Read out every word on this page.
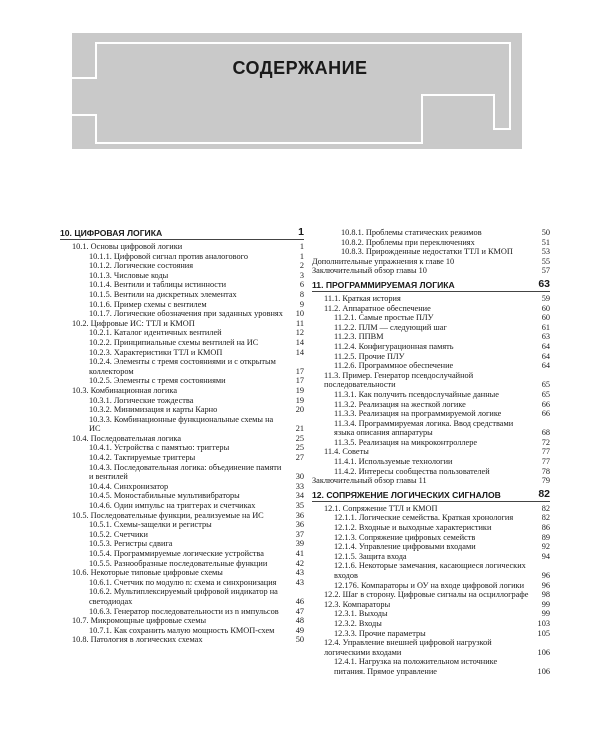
СОДЕРЖАНИЕ
10. ЦИФРОВАЯ ЛОГИКА	1
10.1. Основы цифровой логики	1
10.1.1. Цифровой сигнал против аналогового	1
10.1.2. Логические состояния	2
10.1.3. Числовые коды	3
10.1.4. Вентили и таблицы истинности	6
10.1.5. Вентили на дискретных элементах	8
10.1.6. Пример схемы с вентилем	9
10.1.7. Логические обозначения при заданных уровнях	10
10.2. Цифровые ИС: ТТЛ и КМОП	11
10.2.1. Каталог идентичных вентилей	12
10.2.2. Принципиальные схемы вентилей на ИС	14
10.2.3. Характеристики ТТЛ и КМОП	14
10.2.4. Элементы с тремя состояниями и с открытым коллектором	17
10.2.5. Элементы с тремя состояниями	17
10.3. Комбинационная логика	19
10.3.1. Логические тождества	19
10.3.2. Минимизация и карты Карно	20
10.3.3. Комбинационные функциональные схемы на ИС	21
10.4. Последовательная логика	25
10.4.1. Устройства с памятью: триггеры	25
10.4.2. Тактируемые триггеры	27
10.4.3. Последовательная логика: объединение памяти и вентилей	30
10.4.4. Синхронизатор	33
10.4.5. Моностабильные мультивибраторы	34
10.4.6. Один импульс на триггерах и счетчиках	35
10.5. Последовательные функции, реализуемые на ИС	36
10.5.1. Схемы-защелки и регистры	36
10.5.2. Счетчики	37
10.5.3. Регистры сдвига	39
10.5.4. Программируемые логические устройства	41
10.5.5. Разнообразные последовательные функции	42
10.6. Некоторые типовые цифровые схемы	43
10.6.1. Счетчик по модулю n: схема и синхронизация	43
10.6.2. Мультиплексируемый цифровой индикатор на светодиодах	46
10.6.3. Генератор последовательности из n импульсов	47
10.7. Микромощные цифровые схемы	48
10.7.1. Как сохранить малую мощность КМОП-схем	49
10.8. Патология в логических схемах	50
10.8.1. Проблемы статических режимов	50
10.8.2. Проблемы при переключениях	51
10.8.3. Прирожденные недостатки ТТЛ и КМОП	53
Дополнительные упражнения к главе 10	55
Заключительный обзор главы 10	57
11. ПРОГРАММИРУЕМАЯ ЛОГИКА	63
11.1. Краткая история	59
11.2. Аппаратное обеспечение	60
11.2.1. Самые простые ПЛУ	60
11.2.2. ПЛМ — следующий шаг	61
11.2.3. ППВМ	63
11.2.4. Конфигурационная память	64
11.2.5. Прочие ПЛУ	64
11.2.6. Программное обеспечение	64
11.3. Пример. Генератор псевдослучайной последовательности	65
11.3.1. Как получить псевдослучайные данные	65
11.3.2. Реализация на жесткой логике	66
11.3.3. Реализация на программируемой логике	66
11.3.4. Программируемая логика. Ввод средствами языка описания аппаратуры	68
11.3.5. Реализация на микроконтроллере	72
11.4. Советы	77
11.4.1. Используемые технологии	77
11.4.2. Интересы сообщества пользователей	78
Заключительный обзор главы 11	79
12. СОПРЯЖЕНИЕ ЛОГИЧЕСКИХ СИГНАЛОВ	82
12.1. Сопряжение ТТЛ и КМОП	82
12.1.1. Логические семейства. Краткая хронология	82
12.1.2. Входные и выходные характеристики	86
12.1.3. Сопряжение цифровых семейств	89
12.1.4. Управление цифровыми входами	92
12.1.5. Защита входа	94
12.1.6. Некоторые замечания, касающиеся логических входов	96
12.176. Компараторы и ОУ на входе цифровой логики	96
12.2. Шаг в сторону. Цифровые сигналы на осциллографе	98
12.3. Компараторы	99
12.3.1. Выходы	99
12.3.2. Входы	103
12.3.3. Прочие параметры	105
12.4. Управление внешней цифровой нагрузкой логическими входами	106
12.4.1. Нагрузка на положительном источнике питания. Прямое управление	106
